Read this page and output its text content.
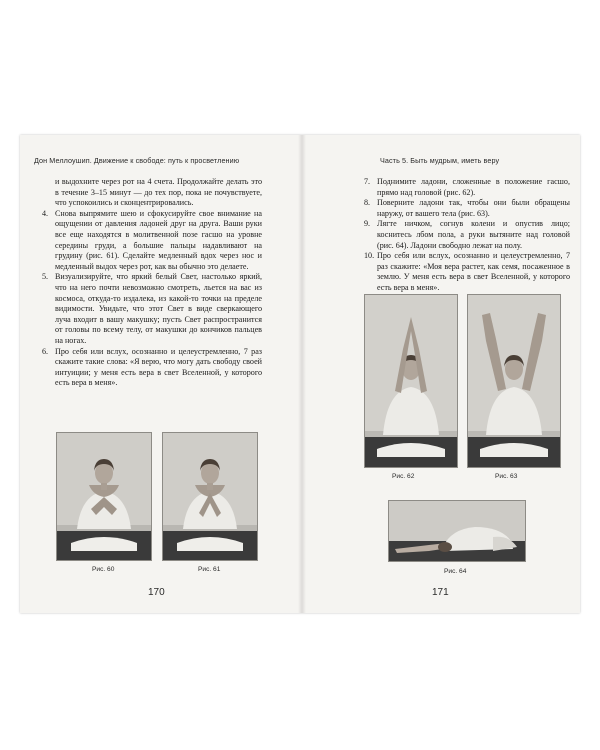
Дон Меллоушип. Движение к свободе: путь к просветлению
и выдохните через рот на 4 счета. Продолжайте делать это в течение 3–15 минут — до тех пор, пока не почувствуете, что успокоились и сконцентрировались.
4. Снова выпрямите шею и сфокусируйте свое внимание на ощущении от давления ладоней друг на друга. Ваши руки все еще находятся в молитвенной позе гасшо на уровне середины груди, а большие пальцы надавливают на грудину (рис. 61). Сделайте медленный вдох через нос и медленный выдох через рот, как вы обычно это делаете.
5. Визуализируйте, что яркий белый Свет, настолько яркий, что на него почти невозможно смотреть, льется на вас из космоса, откуда-то издалека, из какой-то точки на пределе видимости. Увидьте, что этот Свет в виде сверкающего луча входит в вашу макушку; пусть Свет распространится от головы по всему телу, от макушки до кончиков пальцев на ногах.
6. Про себя или вслух, осознанно и целеустремленно, 7 раз скажите такие слова: «Я верю, что могу дать свободу своей интуиции; у меня есть вера в свет Вселенной, у которого есть вера в меня».
Рис. 60	Рис. 61
170
Часть 5. Быть мудрым, иметь веру
7. Поднимите ладони, сложенные в положение гасшо, прямо над головой (рис. 62).
8. Поверните ладони так, чтобы они были обращены наружу, от вашего тела (рис. 63).
9. Лягте ничком, согнув колени и опустив лицо; коснитесь лбом пола, а руки вытяните над головой (рис. 64). Ладони свободно лежат на полу.
10. Про себя или вслух, осознанно и целеустремленно, 7 раз скажите: «Моя вера растет, как семя, посаженное в землю. У меня есть вера в свет Вселенной, у которого есть вера в меня».
Рис. 62	Рис. 63
Рис. 64
171
